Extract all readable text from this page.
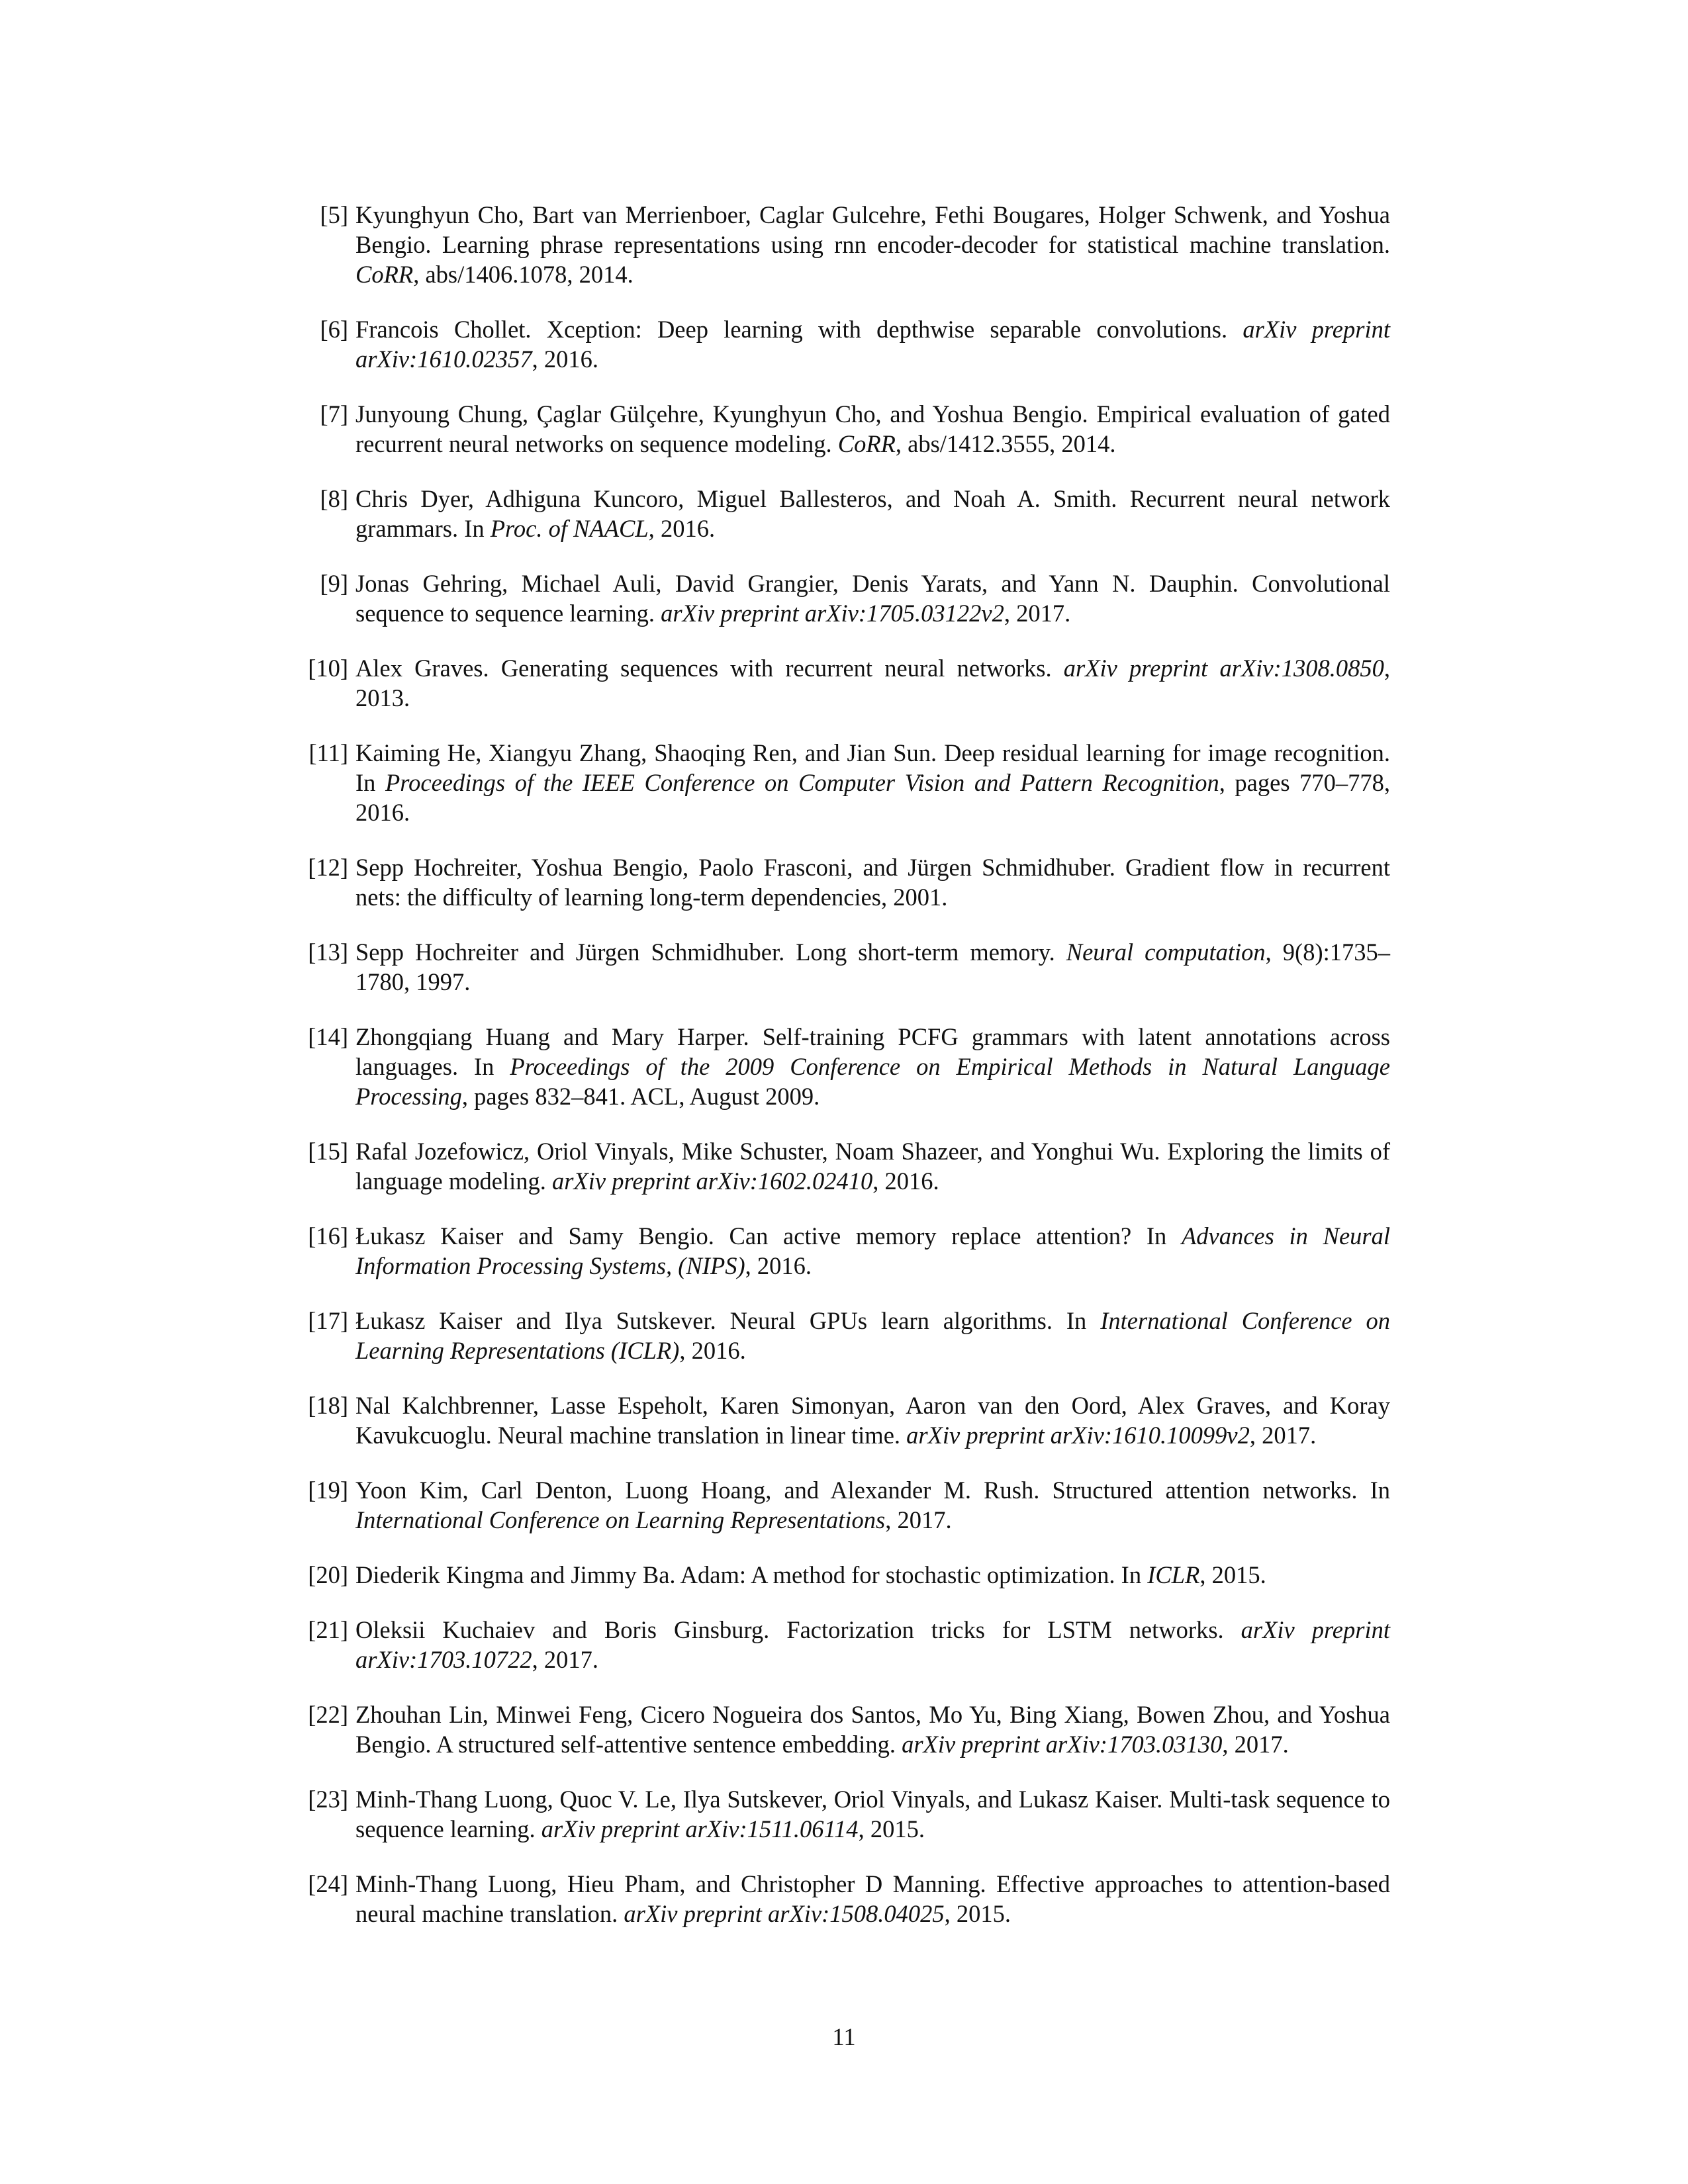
[5] Kyunghyun Cho, Bart van Merrienboer, Caglar Gulcehre, Fethi Bougares, Holger Schwenk, and Yoshua Bengio. Learning phrase representations using rnn encoder-decoder for statistical machine translation. CoRR, abs/1406.1078, 2014.
[6] Francois Chollet. Xception: Deep learning with depthwise separable convolutions. arXiv preprint arXiv:1610.02357, 2016.
[7] Junyoung Chung, Çaglar Gülçehre, Kyunghyun Cho, and Yoshua Bengio. Empirical evaluation of gated recurrent neural networks on sequence modeling. CoRR, abs/1412.3555, 2014.
[8] Chris Dyer, Adhiguna Kuncoro, Miguel Ballesteros, and Noah A. Smith. Recurrent neural network grammars. In Proc. of NAACL, 2016.
[9] Jonas Gehring, Michael Auli, David Grangier, Denis Yarats, and Yann N. Dauphin. Convolutional sequence to sequence learning. arXiv preprint arXiv:1705.03122v2, 2017.
[10] Alex Graves. Generating sequences with recurrent neural networks. arXiv preprint arXiv:1308.0850, 2013.
[11] Kaiming He, Xiangyu Zhang, Shaoqing Ren, and Jian Sun. Deep residual learning for image recognition. In Proceedings of the IEEE Conference on Computer Vision and Pattern Recognition, pages 770–778, 2016.
[12] Sepp Hochreiter, Yoshua Bengio, Paolo Frasconi, and Jürgen Schmidhuber. Gradient flow in recurrent nets: the difficulty of learning long-term dependencies, 2001.
[13] Sepp Hochreiter and Jürgen Schmidhuber. Long short-term memory. Neural computation, 9(8):1735–1780, 1997.
[14] Zhongqiang Huang and Mary Harper. Self-training PCFG grammars with latent annotations across languages. In Proceedings of the 2009 Conference on Empirical Methods in Natural Language Processing, pages 832–841. ACL, August 2009.
[15] Rafal Jozefowicz, Oriol Vinyals, Mike Schuster, Noam Shazeer, and Yonghui Wu. Exploring the limits of language modeling. arXiv preprint arXiv:1602.02410, 2016.
[16] Łukasz Kaiser and Samy Bengio. Can active memory replace attention? In Advances in Neural Information Processing Systems, (NIPS), 2016.
[17] Łukasz Kaiser and Ilya Sutskever. Neural GPUs learn algorithms. In International Conference on Learning Representations (ICLR), 2016.
[18] Nal Kalchbrenner, Lasse Espeholt, Karen Simonyan, Aaron van den Oord, Alex Graves, and Koray Kavukcuoglu. Neural machine translation in linear time. arXiv preprint arXiv:1610.10099v2, 2017.
[19] Yoon Kim, Carl Denton, Luong Hoang, and Alexander M. Rush. Structured attention networks. In International Conference on Learning Representations, 2017.
[20] Diederik Kingma and Jimmy Ba. Adam: A method for stochastic optimization. In ICLR, 2015.
[21] Oleksii Kuchaiev and Boris Ginsburg. Factorization tricks for LSTM networks. arXiv preprint arXiv:1703.10722, 2017.
[22] Zhouhan Lin, Minwei Feng, Cicero Nogueira dos Santos, Mo Yu, Bing Xiang, Bowen Zhou, and Yoshua Bengio. A structured self-attentive sentence embedding. arXiv preprint arXiv:1703.03130, 2017.
[23] Minh-Thang Luong, Quoc V. Le, Ilya Sutskever, Oriol Vinyals, and Lukasz Kaiser. Multi-task sequence to sequence learning. arXiv preprint arXiv:1511.06114, 2015.
[24] Minh-Thang Luong, Hieu Pham, and Christopher D Manning. Effective approaches to attention-based neural machine translation. arXiv preprint arXiv:1508.04025, 2015.
11
